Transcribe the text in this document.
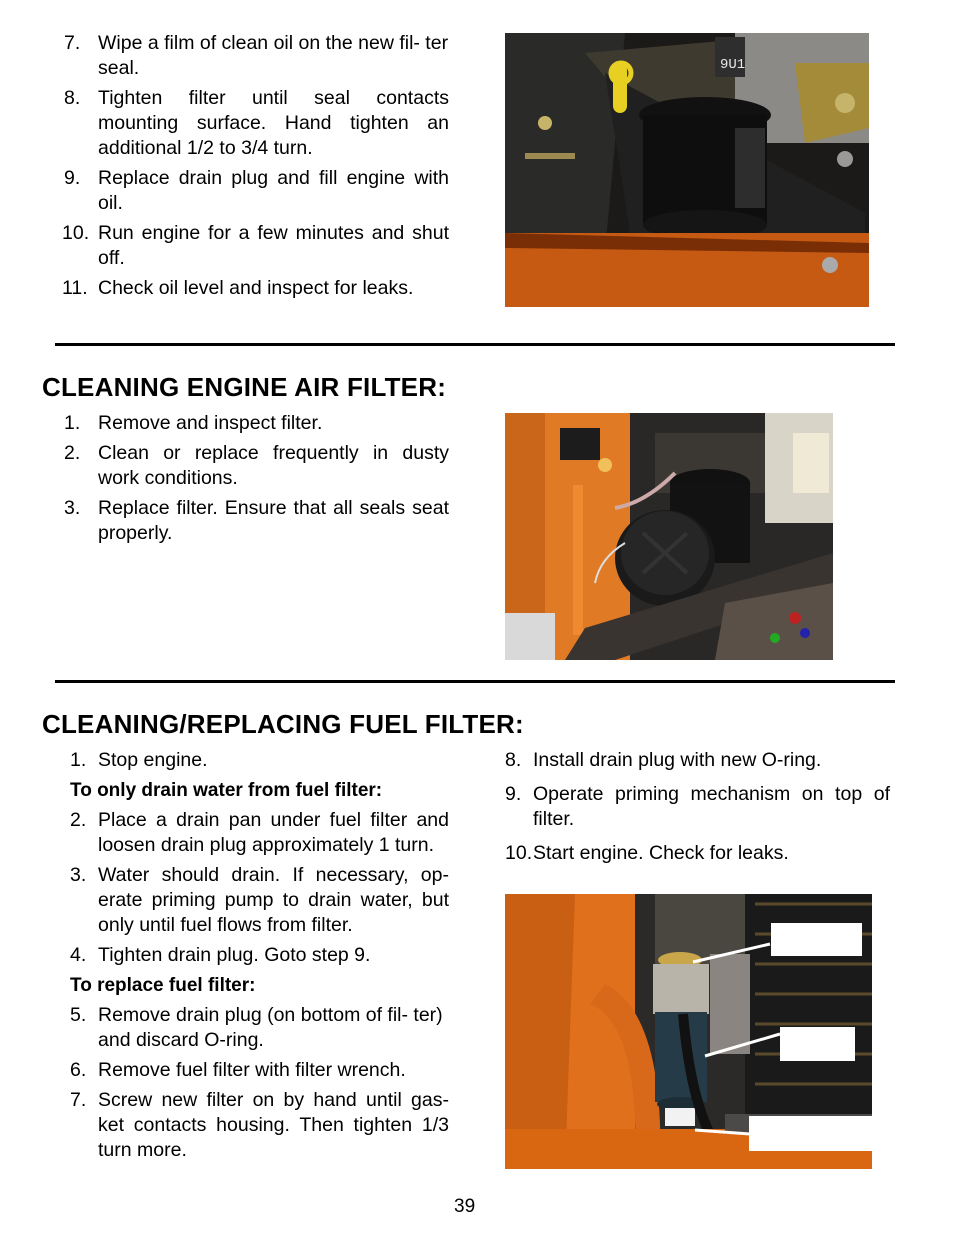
7. Wipe a film of clean oil on the new fil- ter seal.
8. Tighten filter until seal contacts mounting surface. Hand tighten an additional 1/2 to 3/4 turn.
9. Replace drain plug and fill engine with oil.
10. Run engine for a few minutes and shut off.
11. Check oil level and inspect for leaks.
9U1
CLEANING ENGINE AIR FILTER:
1. Remove and inspect filter.
2. Clean or replace frequently in dusty work conditions.
3. Replace filter. Ensure that all seals seat properly.
CLEANING/REPLACING FUEL FILTER:
1. Stop engine.
To only drain water from fuel filter:
2. Place a drain pan under fuel filter and loosen drain plug approximately 1 turn.
3. Water should drain. If necessary, op- erate priming pump to drain water, but only until fuel flows from filter.
4. Tighten drain plug. Goto step 9.
To replace fuel filter:
5. Remove drain plug (on bottom of fil- ter) and discard O-ring.
6. Remove fuel filter with filter wrench.
7. Screw new filter on by hand until gas- ket contacts housing. Then tighten 1/3 turn more.
8. Install drain plug with new O-ring.
9. Operate priming mechanism on top of filter.
10. Start engine. Check for leaks.
39
